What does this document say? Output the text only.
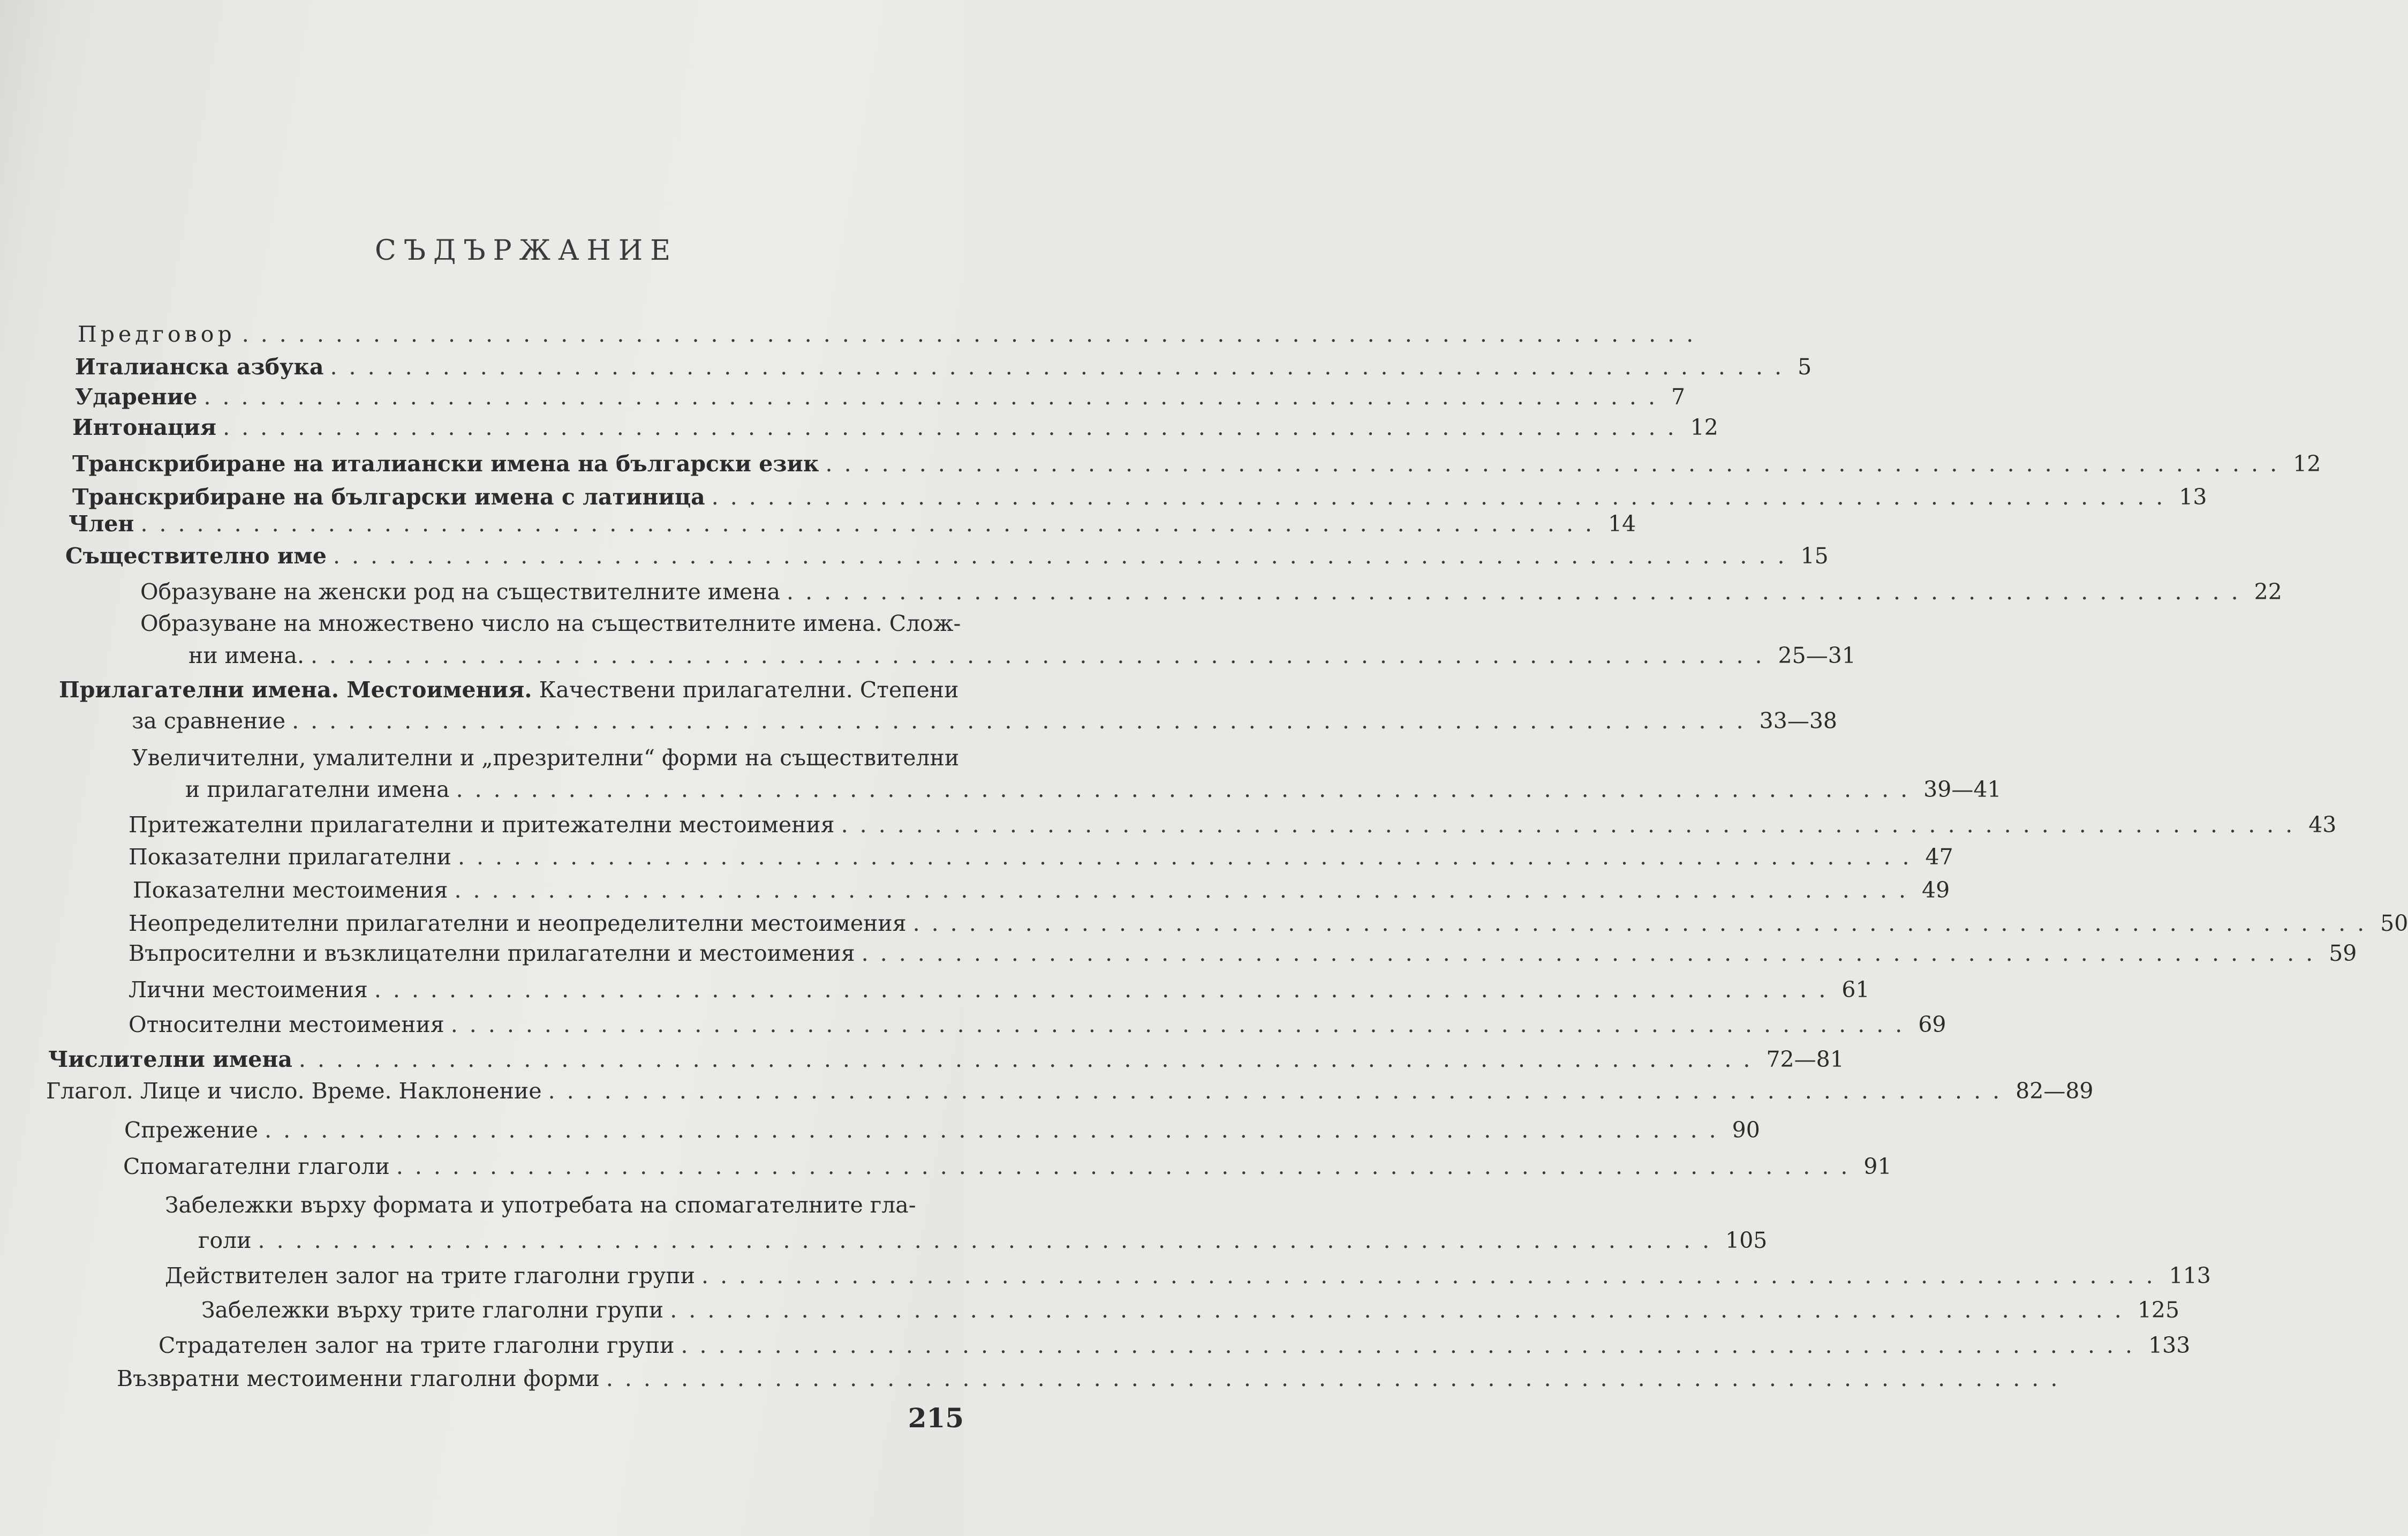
СЪДЪРЖАНИЕ
Предговор ..............................................................................
Италианска азбука .............................................................................. 5
Ударение .............................................................................. 7
Интонация .............................................................................. 12
Транскрибиране на италиански имена на български език .............................................................................. 12
Транскрибиране на български имена с латиница .............................................................................. 13
Член .............................................................................. 14
Съществително име .............................................................................. 15
Образуване на женски род на съществителните имена .............................................................................. 22
Образуване на множествено число на съществителните имена. Слож-
ни имена. .............................................................................. 25—31
Прилагателни имена. Местоимения. Качествени прилагателни. Степени
за сравнение .............................................................................. 33—38
Увеличителни, умалителни и „презрителни“ форми на съществителни
и прилагателни имена .............................................................................. 39—41
Притежателни прилагателни и притежателни местоимения .............................................................................. 43
Показателни прилагателни .............................................................................. 47
Показателни местоимения .............................................................................. 49
Неопределителни прилагателни и неопределителни местоимения .............................................................................. 50
Въпросителни и възклицателни прилагателни и местоимения .............................................................................. 59
Лични местоимения .............................................................................. 61
Относителни местоимения .............................................................................. 69
Числителни имена .............................................................................. 72—81
Глагол. Лице и число. Време. Наклонение .............................................................................. 82—89
Спрежение .............................................................................. 90
Спомагателни глаголи .............................................................................. 91
Забележки върху формата и употребата на спомагателните гла-
голи .............................................................................. 105
Действителен залог на трите глаголни групи .............................................................................. 113
Забележки върху трите глаголни групи .............................................................................. 125
Страдателен залог на трите глаголни групи .............................................................................. 133
Възвратни местоименни глаголни форми ..............................................................................
215
